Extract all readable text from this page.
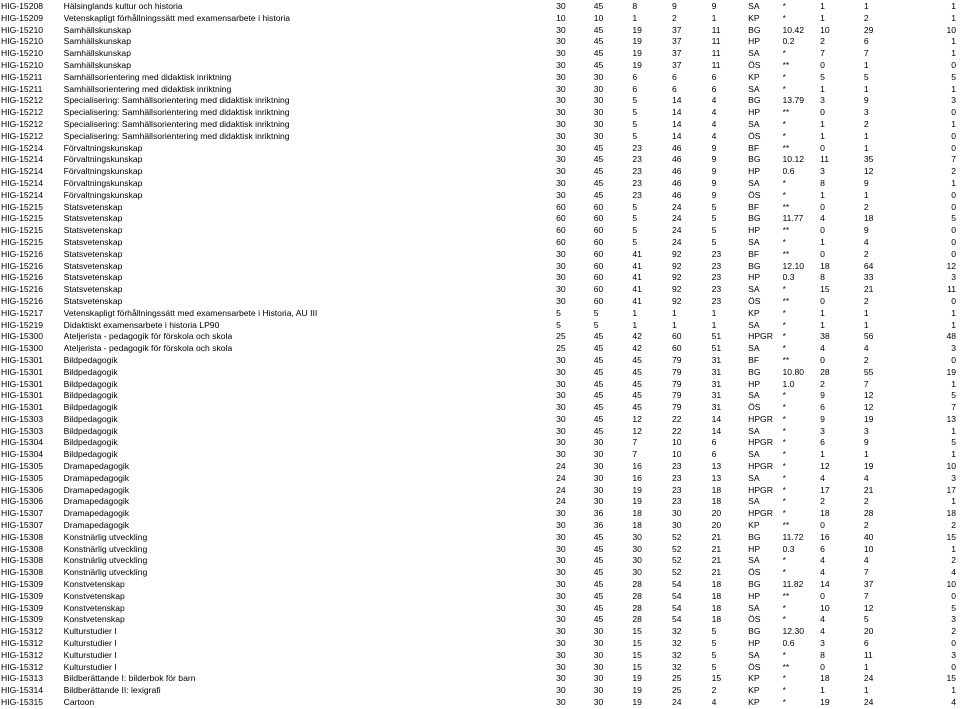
HIG-15208	Hälsinglands kultur och historia	30	45	8	9	9	SA	*	1	1	1
HIG-15209	Vetenskapligt förhållningssätt med examensarbete i historia	10	10	1	2	1	KP	*	1	2	1
HIG-15210	Samhällskunskap	30	45	19	37	11	BG	10.42	10	29	10
HIG-15210	Samhällskunskap	30	45	19	37	11	HP	0.2	2	6	1
HIG-15210	Samhällskunskap	30	45	19	37	11	SA	*	7	7	1
HIG-15210	Samhällskunskap	30	45	19	37	11	ÖS	**	0	1	0
HIG-15211	Samhällsorientering med didaktisk inriktning	30	30	6	6	6	KP	*	5	5	5
HIG-15211	Samhällsorientering med didaktisk inriktning	30	30	6	6	6	SA	*	1	1	1
HIG-15212	Specialisering: Samhällsorientering med didaktisk inriktning	30	30	5	14	4	BG	13.79	3	9	3
HIG-15212	Specialisering: Samhällsorientering med didaktisk inriktning	30	30	5	14	4	HP	**	0	3	0
HIG-15212	Specialisering: Samhällsorientering med didaktisk inriktning	30	30	5	14	4	SA	*	1	2	1
HIG-15212	Specialisering: Samhällsorientering med didaktisk inriktning	30	30	5	14	4	ÖS	*	1	1	0
HIG-15214	Förvaltningskunskap	30	45	23	46	9	BF	**	0	1	0
HIG-15214	Förvaltningskunskap	30	45	23	46	9	BG	10.12	11	35	7
HIG-15214	Förvaltningskunskap	30	45	23	46	9	HP	0.6	3	12	2
HIG-15214	Förvaltningskunskap	30	45	23	46	9	SA	*	8	9	1
HIG-15214	Förvaltningskunskap	30	45	23	46	9	ÖS	*	1	1	0
HIG-15215	Statsvetenskap	60	60	5	24	5	BF	**	0	2	0
HIG-15215	Statsvetenskap	60	60	5	24	5	BG	11.77	4	18	5
HIG-15215	Statsvetenskap	60	60	5	24	5	HP	**	0	9	0
HIG-15215	Statsvetenskap	60	60	5	24	5	SA	*	1	4	0
HIG-15216	Statsvetenskap	30	60	41	92	23	BF	**	0	2	0
HIG-15216	Statsvetenskap	30	60	41	92	23	BG	12.10	18	64	12
HIG-15216	Statsvetenskap	30	60	41	92	23	HP	0.3	8	33	3
HIG-15216	Statsvetenskap	30	60	41	92	23	SA	*	15	21	11
HIG-15216	Statsvetenskap	30	60	41	92	23	ÖS	**	0	2	0
HIG-15217	Vetenskapligt förhållningssätt med examensarbete i Historia, AU III	5	5	1	1	1	KP	*	1	1	1
HIG-15219	Didaktiskt examensarbete i historia LP90	5	5	1	1	1	SA	*	1	1	1
HIG-15300	Ateljerista - pedagogik för förskola och skola	25	45	42	60	51	HPGR	*	38	56	48
HIG-15300	Ateljerista - pedagogik för förskola och skola	25	45	42	60	51	SA	*	4	4	3
HIG-15301	Bildpedagogik	30	45	45	79	31	BF	**	0	2	0
HIG-15301	Bildpedagogik	30	45	45	79	31	BG	10.80	28	55	19
HIG-15301	Bildpedagogik	30	45	45	79	31	HP	1.0	2	7	1
HIG-15301	Bildpedagogik	30	45	45	79	31	SA	*	9	12	5
HIG-15301	Bildpedagogik	30	45	45	79	31	ÖS	*	6	12	7
HIG-15303	Bildpedagogik	30	45	12	22	14	HPGR	*	9	19	13
HIG-15303	Bildpedagogik	30	45	12	22	14	SA	*	3	3	1
HIG-15304	Bildpedagogik	30	30	7	10	6	HPGR	*	6	9	5
HIG-15304	Bildpedagogik	30	30	7	10	6	SA	*	1	1	1
HIG-15305	Dramapedagogik	24	30	16	23	13	HPGR	*	12	19	10
HIG-15305	Dramapedagogik	24	30	16	23	13	SA	*	4	4	3
HIG-15306	Dramapedagogik	24	30	19	23	18	HPGR	*	17	21	17
HIG-15306	Dramapedagogik	24	30	19	23	18	SA	*	2	2	1
HIG-15307	Dramapedagogik	30	36	18	30	20	HPGR	*	18	28	18
HIG-15307	Dramapedagogik	30	36	18	30	20	KP	**	0	2	2
HIG-15308	Konstnärlig utveckling	30	45	30	52	21	BG	11.72	16	40	15
HIG-15308	Konstnärlig utveckling	30	45	30	52	21	HP	0.3	6	10	1
HIG-15308	Konstnärlig utveckling	30	45	30	52	21	SA	*	4	4	2
HIG-15308	Konstnärlig utveckling	30	45	30	52	21	ÖS	*	4	7	4
HIG-15309	Konstvetenskap	30	45	28	54	18	BG	11.82	14	37	10
HIG-15309	Konstvetenskap	30	45	28	54	18	HP	**	0	7	0
HIG-15309	Konstvetenskap	30	45	28	54	18	SA	*	10	12	5
HIG-15309	Konstvetenskap	30	45	28	54	18	ÖS	*	4	5	3
HIG-15312	Kulturstudier I	30	30	15	32	5	BG	12.30	4	20	2
HIG-15312	Kulturstudier I	30	30	15	32	5	HP	0.6	3	6	0
HIG-15312	Kulturstudier I	30	30	15	32	5	SA	*	8	11	3
HIG-15312	Kulturstudier I	30	30	15	32	5	ÖS	**	0	1	0
HIG-15313	Bildberättande I: bilderbok för barn	30	30	19	25	15	KP	*	18	24	15
HIG-15314	Bildberättande II: lexigrafi	30	30	19	25	2	KP	*	1	1	1
HIG-15315	Cartoon	30	30	19	24	4	KP	*	19	24	4
